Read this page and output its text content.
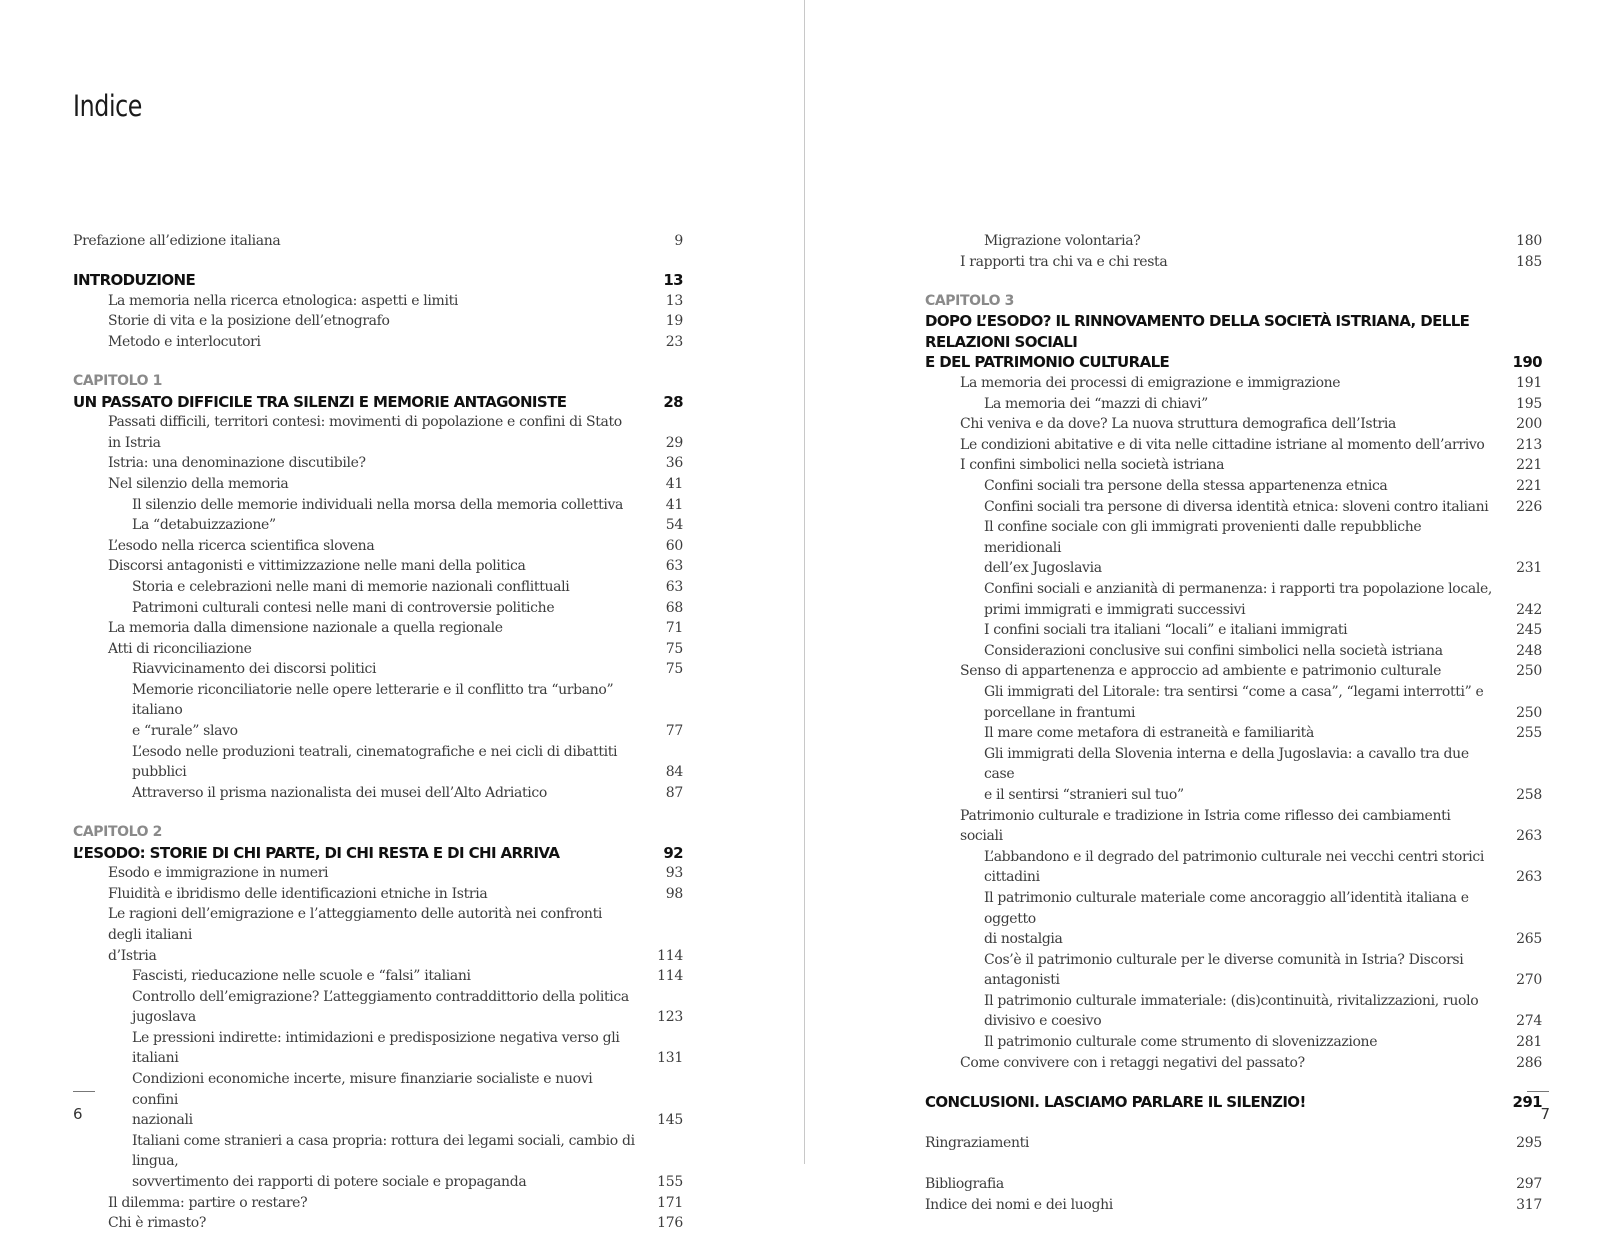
Indice
Prefazione all’edizione italiana	9
INTRODUZIONE	13
La memoria nella ricerca etnologica: aspetti e limiti	13
Storie di vita e la posizione dell’etnografo	19
Metodo e interlocutori	23
CAPITOLO 1
UN PASSATO DIFFICILE TRA SILENZI E MEMORIE ANTAGONISTE	28
Passati difficili, territori contesi: movimenti di popolazione e confini di Stato in Istria	29
Istria: una denominazione discutibile?	36
Nel silenzio della memoria	41
Il silenzio delle memorie individuali nella morsa della memoria collettiva	41
La “detabuizzazione”	54
L’esodo nella ricerca scientifica slovena	60
Discorsi antagonisti e vittimizzazione nelle mani della politica	63
Storia e celebrazioni nelle mani di memorie nazionali conflittuali	63
Patrimoni culturali contesi nelle mani di controversie politiche	68
La memoria dalla dimensione nazionale a quella regionale	71
Atti di riconciliazione	75
Riavvicinamento dei discorsi politici	75
Memorie riconciliatorie nelle opere letterarie e il conflitto tra “urbano” italiano
e “rurale” slavo	77
L’esodo nelle produzioni teatrali, cinematografiche e nei cicli di dibattiti pubblici	84
Attraverso il prisma nazionalista dei musei dell’Alto Adriatico	87
CAPITOLO 2
L’ESODO: STORIE DI CHI PARTE, DI CHI RESTA E DI CHI ARRIVA	92
Esodo e immigrazione in numeri	93
Fluidità e ibridismo delle identificazioni etniche in Istria	98
Le ragioni dell’emigrazione e l’atteggiamento delle autorità nei confronti degli italiani
d’Istria	114
Fascisti, rieducazione nelle scuole e “falsi” italiani	114
Controllo dell’emigrazione? L’atteggiamento contraddittorio della politica jugoslava	123
Le pressioni indirette: intimidazioni e predisposizione negativa verso gli italiani	131
Condizioni economiche incerte, misure finanziarie socialiste e nuovi confini
nazionali	145
Italiani come stranieri a casa propria: rottura dei legami sociali, cambio di lingua,
sovvertimento dei rapporti di potere sociale e propaganda	155
Il dilemma: partire o restare?	171
Chi è rimasto?	176
6
Migrazione volontaria?	180
I rapporti tra chi va e chi resta	185
CAPITOLO 3
DOPO L’ESODO? IL RINNOVAMENTO DELLA SOCIETÀ ISTRIANA, DELLE RELAZIONI SOCIALI
E DEL PATRIMONIO CULTURALE	190
La memoria dei processi di emigrazione e immigrazione	191
La memoria dei “mazzi di chiavi”	195
Chi veniva e da dove? La nuova struttura demografica dell’Istria	200
Le condizioni abitative e di vita nelle cittadine istriane al momento dell’arrivo	213
I confini simbolici nella società istriana	221
Confini sociali tra persone della stessa appartenenza etnica	221
Confini sociali tra persone di diversa identità etnica: sloveni contro italiani	226
Il confine sociale con gli immigrati provenienti dalle repubbliche meridionali
dell’ex Jugoslavia	231
Confini sociali e anzianità di permanenza: i rapporti tra popolazione locale,
primi immigrati e immigrati successivi	242
I confini sociali tra italiani “locali” e italiani immigrati	245
Considerazioni conclusive sui confini simbolici nella società istriana	248
Senso di appartenenza e approccio ad ambiente e patrimonio culturale	250
Gli immigrati del Litorale: tra sentirsi “come a casa”, “legami interrotti” e
porcellane in frantumi	250
Il mare come metafora di estraneità e familiarità	255
Gli immigrati della Slovenia interna e della Jugoslavia: a cavallo tra due case
e il sentirsi “stranieri sul tuo”	258
Patrimonio culturale e tradizione in Istria come riflesso dei cambiamenti sociali	263
L’abbandono e il degrado del patrimonio culturale nei vecchi centri storici cittadini	263
Il patrimonio culturale materiale come ancoraggio all’identità italiana e oggetto
di nostalgia	265
Cos’è il patrimonio culturale per le diverse comunità in Istria? Discorsi antagonisti	270
Il patrimonio culturale immateriale: (dis)continuità, rivitalizzazioni, ruolo
divisivo e coesivo	274
Il patrimonio culturale come strumento di slovenizzazione	281
Come convivere con i retaggi negativi del passato?	286
CONCLUSIONI. LASCIAMO PARLARE IL SILENZIO!	291
Ringraziamenti	295
Bibliografia	297
Indice dei nomi e dei luoghi	317
7
